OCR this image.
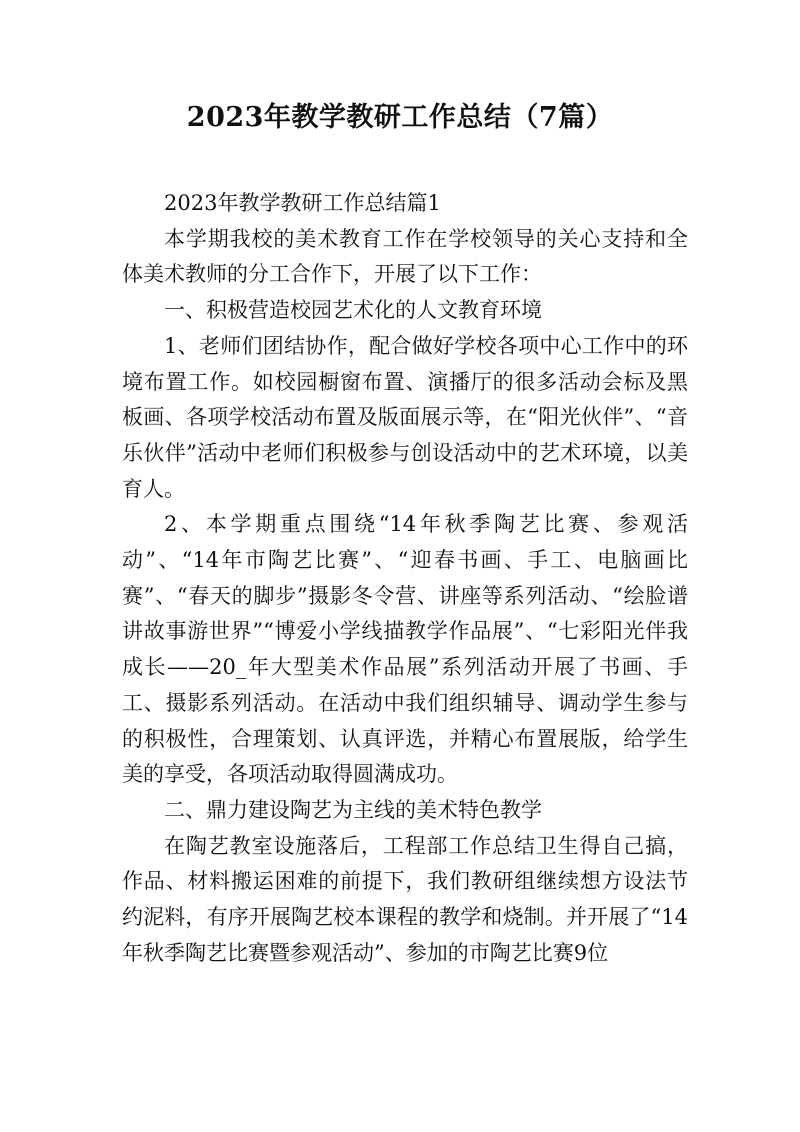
2023年教学教研工作总结（7篇）

2023年教学教研工作总结篇1

本学期我校的美术教育工作在学校领导的关心支持和全体美术教师的分工合作下，开展了以下工作：

一、积极营造校园艺术化的人文教育环境

1、老师们团结协作，配合做好学校各项中心工作中的环境布置工作。如校园橱窗布置、演播厅的很多活动会标及黑板画、各项学校活动布置及版面展示等，在“阳光伙伴”、“音乐伙伴”活动中老师们积极参与创设活动中的艺术环境，以美育人。

2、本学期重点围绕“14年秋季陶艺比赛、参观活动”、“14年市陶艺比赛”、“迎春书画、手工、电脑画比赛”、“春天的脚步”摄影冬令营、讲座等系列活动、“绘脸谱讲故事游世界”“博爱小学线描教学作品展”、“七彩阳光伴我成长——20_年大型美术作品展”系列活动开展了书画、手工、摄影系列活动。在活动中我们组织辅导、调动学生参与的积极性，合理策划、认真评选，并精心布置展版，给学生美的享受，各项活动取得圆满成功。

二、鼎力建设陶艺为主线的美术特色教学

在陶艺教室设施落后，工程部工作总结卫生得自己搞，作品、材料搬运困难的前提下，我们教研组继续想方设法节约泥料，有序开展陶艺校本课程的教学和烧制。并开展了“14年秋季陶艺比赛暨参观活动”、参加的市陶艺比赛9位
